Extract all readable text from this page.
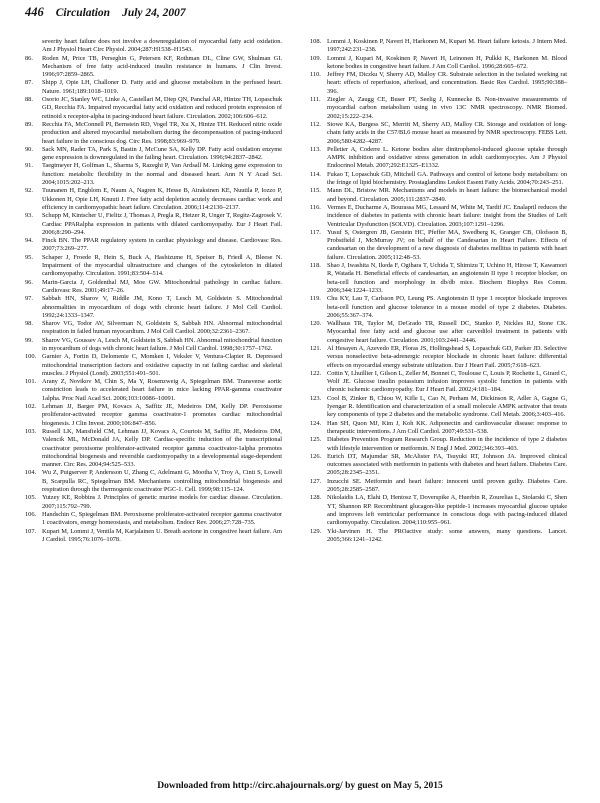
446 Circulation July 24, 2007
severity heart failure does not involve a downregulation of myocardial fatty acid oxidation. Am J Physiol Heart Circ Physiol. 2004;287:H1538–H1543.
86.	Roden M, Price TB, Perseghin G, Petersen KF, Rothman DL, Cline GW, Shulman GI. Mechanism of free fatty acid-induced insulin resistance in humans. J Clin Invest. 1996;97:2859–2865.
87.	Shipp J, Opie LH, Challoner D. Fatty acid and glucose metabolism in the perfused heart. Nature. 1961;189:1018–1019.
88.	Osorio JC, Stanley WC, Linke A, Castellari M, Diep QN, Panchal AR, Hintze TH, Lopaschuk GD, Recchia FA. Impaired myocardial fatty acid oxidation and reduced protein expression of retinoid x receptor-alpha in pacing-induced heart failure. Circulation. 2002;106:606–612.
89.	Recchia FA, McConnell PI, Bernstein RD, Vogel TR, Xu X, Hintze TH. Reduced nitric oxide production and altered myocardial metabolism during the decompensation of pacing-induced heart failure in the conscious dog. Circ Res. 1998;83:969–979.
90.	Sack MN, Rader TA, Park S, Bastin J, McCune SA, Kelly DP. Fatty acid oxidation enzyme gene expression is downregulated in the failing heart. Circulation. 1996;94:2837–2842.
91.	Taegtmeyer H, Golfman L, Sharma S, Razeghi P, Van Ardsall M. Linking gene expression to function: metabolic flexibility in the normal and diseased heart. Ann N Y Acad Sci. 2004;1015:202–213.
92.	Tuunanen H, Engblom E, Naum A, Nagren K, Hesse B, Airaksinen KE, Nuutila P, Iozzo P, Ukkonen H, Opie LH, Knuuti J. Free fatty acid depletion acutely decreases cardiac work and efficiency in cardiomyopathic heart failure. Circulation. 2006;114:2130–2137.
93.	Schupp M, Kintscher U, Fielitz J, Thomas J, Pregla R, Hetzer R, Unger T, Regitz-Zagrosek V. Cardiac PPARalpha expression in patients with dilated cardiomyopathy. Eur J Heart Fail. 2006;8:290–294.
94.	Finck BN. The PPAR regulatory system in cardiac physiology and disease. Cardiovasc Res. 2007;73:269–277.
95.	Schaper J, Froede R, Hein S, Buck A, Hashizume H, Speiser B, Friedl A, Bleese N. Impairment of the myocardial ultrastructure and changes of the cytoskeleton in dilated cardiomyopathy. Circulation. 1991;83:504–514.
96.	Marin-Garcia J, Goldenthal MJ, Moe GW. Mitochondrial pathology in cardiac failure. Cardiovasc Res. 2001;49:17–26.
97.	Sabbah HN, Sharov V, Riddle JM, Kono T, Lesch M, Goldstein S. Mitochondrial abnormalities in myocardium of dogs with chronic heart failure. J Mol Cell Cardiol. 1992;24:1333–1347.
98.	Sharov VG, Todor AV, Silverman N, Goldstein S, Sabbah HN. Abnormal mitochondrial respiration in failed human myocardium. J Mol Cell Cardiol. 2000;32:2361–2367.
99.	Sharov VG, Goussev A, Lesch M, Goldstein S, Sabbah HN. Abnormal mitochondrial function in myocardium of dogs with chronic heart failure. J Mol Cell Cardiol. 1998;30:1757–1762.
100. Garnier A, Fortin D, Delomenie C, Momken I, Veksler V, Ventura-Clapier R. Depressed mitochondrial transcription factors and oxidative capacity in rat failing cardiac and skeletal muscles. J Physiol (Lond). 2003;551:491–501.
101. Arany Z, Novikov M, Chin S, Ma Y, Rosenzweig A, Spiegelman BM. Transverse aortic constriction leads to accelerated heart failure in mice lacking PPAR-gamma coactivator 1alpha. Proc Natl Acad Sci. 2006;103:10086–10091.
102. Lehman JJ, Barger PM, Kovacs A, Saffitz JE, Medeiros DM, Kelly DP. Peroxisome proliferator-activated receptor gamma coactivator-1 promotes cardiac mitochondrial biogenesis. J Clin Invest. 2000;106:847–856.
103. Russell LK, Mansfield CM, Lehman JJ, Kovacs A, Courtois M, Saffitz JE, Medeiros DM, Valencik ML, McDonald JA, Kelly DP. Cardiac-specific induction of the transcriptional coactivator peroxisome proliferator-activated receptor gamma coactivator-1alpha promotes mitochondrial biogenesis and reversible cardiomyopathy in a developmental stage-dependent manner. Circ Res. 2004;94:525–533.
104. Wu Z, Puigserver P, Andersson U, Zhang C, Adelmant G, Mootha V, Troy A, Cinti S, Lowell B, Scarpulla RC, Spiegelman BM. Mechanisms controlling mitochondrial biogenesis and respiration through the thermogenic coactivator PGC-1. Cell. 1999;98:115–124.
105. Yutzey KE, Robbins J. Principles of genetic murine models for cardiac disease. Circulation. 2007;115:792–799.
106. Handschin C, Spiegelman BM. Peroxisome proliferator-activated receptor gamma coactivator 1 coactivators, energy homeostasis, and metabolism. Endocr Rev. 2006;27:728–735.
107. Kupari M, Lommi J, Ventila M, Karjalainen U. Breath acetone in congestive heart failure. Am J Cardiol. 1995;76:1076–1078.
108. Lommi J, Koskinen P, Naveri H, Harkonen M, Kupari M. Heart failure ketosis. J Intern Med. 1997;242:231–238.
109. Lommi J, Kupari M, Koskinen P, Naveri H, Leinonen H, Pulkki K, Harkonen M. Blood ketone bodies in congestive heart failure. J Am Coll Cardiol. 1996;28:665–672.
110. Jeffrey FM, Diczku V, Sherry AD, Malloy CR. Substrate selection in the isolated working rat heart: effects of reperfusion, afterload, and concentration. Basic Res Cardiol. 1995;90:388–396.
111. Ziegler A, Zaugg CE, Buser PT, Seelig J, Kunnecke B. Non-invasive measurements of myocardial carbon metabolism using in vivo 13C NMR spectroscopy. NMR Biomed. 2002;15:222–234.
112. Stowe KA, Burgess SC, Merritt M, Sherry AD, Malloy CR. Storage and oxidation of long-chain fatty acids in the C57/BL6 mouse heart as measured by NMR spectroscopy. FEBS Lett. 2006;580:4282–4287.
113. Pelletier A, Coderre L. Ketone bodies alter dinitrophenol-induced glucose uptake through AMPK inhibition and oxidative stress generation in adult cardiomyocytes. Am J Physiol Endocrinol Metab. 2007;292:E1325–E1332.
114. Fukao T, Lopaschuk GD, Mitchell GA. Pathways and control of ketone body metabolism: on the fringe of lipid biochemistry. Prostaglandins Leukot Essent Fatty Acids. 2004;70:243–251.
115. Mann DL, Bristow MR. Mechanisms and models in heart failure: the biomechanical model and beyond. Circulation. 2005;111:2837–2849.
116. Vermes E, Ducharme A, Bourassa MG, Lessard M, White M, Tardif JC. Enalapril reduces the incidence of diabetes in patients with chronic heart failure: insight from the Studies of Left Ventricular Dysfunction (SOLVD). Circulation. 2003;107:1291–1296.
117. Yusuf S, Ostergren JB, Gerstein HC, Pfeffer MA, Swedberg K, Granger CB, Olofsson B, Probstfield J, McMurray JV; on behalf of the Candesartan in Heart Failure. Effects of candesartan on the development of a new diagnosis of diabetes mellitus in patients with heart failure. Circulation. 2005;112:48–53.
118. Shao J, Iwashita N, Ikeda F, Ogihara T, Uchida T, Shimizu T, Uchino H, Hirose T, Kawamori R, Watada H. Beneficial effects of candesartan, an angiotensin II type 1 receptor blocker, on beta-cell function and morphology in db/db mice. Biochem Biophys Res Comm. 2006;344:1224–1233.
119. Chu KY, Lau T, Carlsson PO, Leung PS. Angiotensin II type 1 receptor blockade improves beta-cell function and glucose tolerance in a mouse model of type 2 diabetes. Diabetes. 2006;55:367–374.
120. Wallhaus TR, Taylor M, DeGrado TR, Russell DC, Stanko P, Nickles RJ, Stone CK. Myocardial free fatty acid and glucose use after carvedilol treatment in patients with congestive heart failure. Circulation. 2001;103:2441–2446.
121. Al Hesayen A, Azevedo ER, Floras JS, Hollingshead S, Lopaschuk GD, Parker JD. Selective versus nonselective beta-adrenergic receptor blockade in chronic heart failure: differential effects on myocardial energy substrate utilization. Eur J Heart Fail. 2005;7:618–623.
122. Cottin Y, Lhuillier I, Gilson L, Zeller M, Bonnet C, Toulouse C, Louis P, Rochette L, Girard C, Wolf JE. Glucose insulin potassium infusion improves systolic function in patients with chronic ischemic cardiomyopathy. Eur J Heart Fail. 2002;4:181–184.
123. Cool B, Zinker B, Chiou W, Kifle L, Cao N, Perham M, Dickinson R, Adler A, Gagne G, Iyengar R. Identification and characterization of a small molecule AMPK activator that treats key components of type 2 diabetes and the metabolic syndrome. Cell Metab. 2006;3:403–416.
124. Han SH, Quon MJ, Kim J, Koh KK. Adiponectin and cardiovascular disease: response to therapeutic interventions. J Am Coll Cardiol. 2007;49:531–538.
125. Diabetes Prevention Program Research Group. Reduction in the incidence of type 2 diabetes with lifestyle intervention or metformin. N Engl J Med. 2002;346:393–403.
126. Eurich DT, Majumdar SR, McAlister FA, Tsuyuki RT, Johnson JA. Improved clinical outcomes associated with metformin in patients with diabetes and heart failure. Diabetes Care. 2005;28:2345–2351.
127. Inzucchi SE. Metformin and heart failure: innocent until proven guilty. Diabetes Care. 2005;28:2585–2587.
128. Nikolaidis LA, Elahi D, Hentosz T, Doverspike A, Huerbin R, Zourelias L, Stolarski C, Shen YT, Shannon RP. Recombinant glucagon-like peptide-1 increases myocardial glucose uptake and improves left ventricular performance in conscious dogs with pacing-induced dilated cardiomyopathy. Circulation. 2004;110:955–961.
129. Yki-Jarvinen H. The PROactive study: some answers, many questions. Lancet. 2005;366:1241–1242.
Downloaded from http://circ.ahajournals.org/ by guest on May 5, 2015
